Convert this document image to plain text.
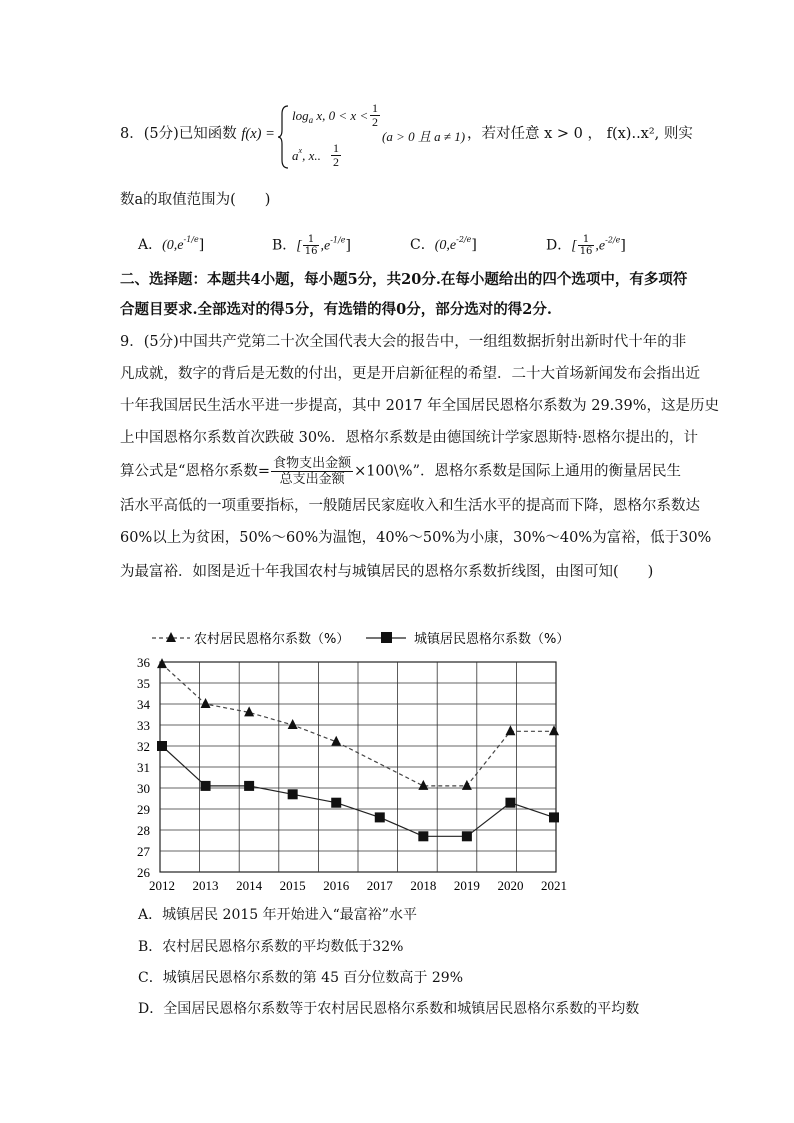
8．(5分)已知函数 f(x) =
$\log_a x$, $0 < x < \frac{1}{2}$
(a > 0 且 a ≠ 1)
$a^x$, x.. $\frac{1}{2}$
，若对任意 x > 0 ， f(x)..x², 则实
数a的取值范围为(　　)
A．$(0,e^{-1/e}]$	B．[ $\frac{1}{16} ,e^{-1/e}$]	C．$(0,e^{-2/e}]$	D．[ $\frac{1}{16} ,e^{-2/e}$]
二、选择题：本题共4小题，每小题5分，共20分.在每小题给出的四个选项中，有多项符
合题目要求.全部选对的得5分，有选错的得0分，部分选对的得2分.
9．(5分)中国共产党第二十次全国代表大会的报告中，一组组数据折射出新时代十年的非
凡成就，数字的背后是无数的付出，更是开启新征程的希望．二十大首场新闻发布会指出近
十年我国居民生活水平进一步提高，其中 2017 年全国居民恩格尔系数为 29.39%，这是历史
上中国恩格尔系数首次跌破 30%．恩格尔系数是由德国统计学家恩斯特·恩格尔提出的，计
算公式是“恩格尔系数= $\frac{\text{食物支出金额}}{\text{总支出金额}}$ ×100\%”．恩格尔系数是国际上通用的衡量居民生
活水平高低的一项重要指标，一般随居民家庭收入和生活水平的提高而下降，恩格尔系数达
60%以上为贫困，50%～60%为温饱，40%～50%为小康，30%～40%为富裕，低于30%
为最富裕．如图是近十年我国农村与城镇居民的恩格尔系数折线图，由图可知(　　)
26
27
28
29
30
31
32
33
34
35
36
2012 2013 2014 2015 2016 2017 2018 2019 2020 2021
农村居民恩格尔系数（%）	城镇居民恩格尔系数（%）
A．城镇居民 2015 年开始进入“最富裕”水平
B．农村居民恩格尔系数的平均数低于32%
C．城镇居民恩格尔系数的第 45 百分位数高于 29%
D．全国居民恩格尔系数等于农村居民恩格尔系数和城镇居民恩格尔系数的平均数
